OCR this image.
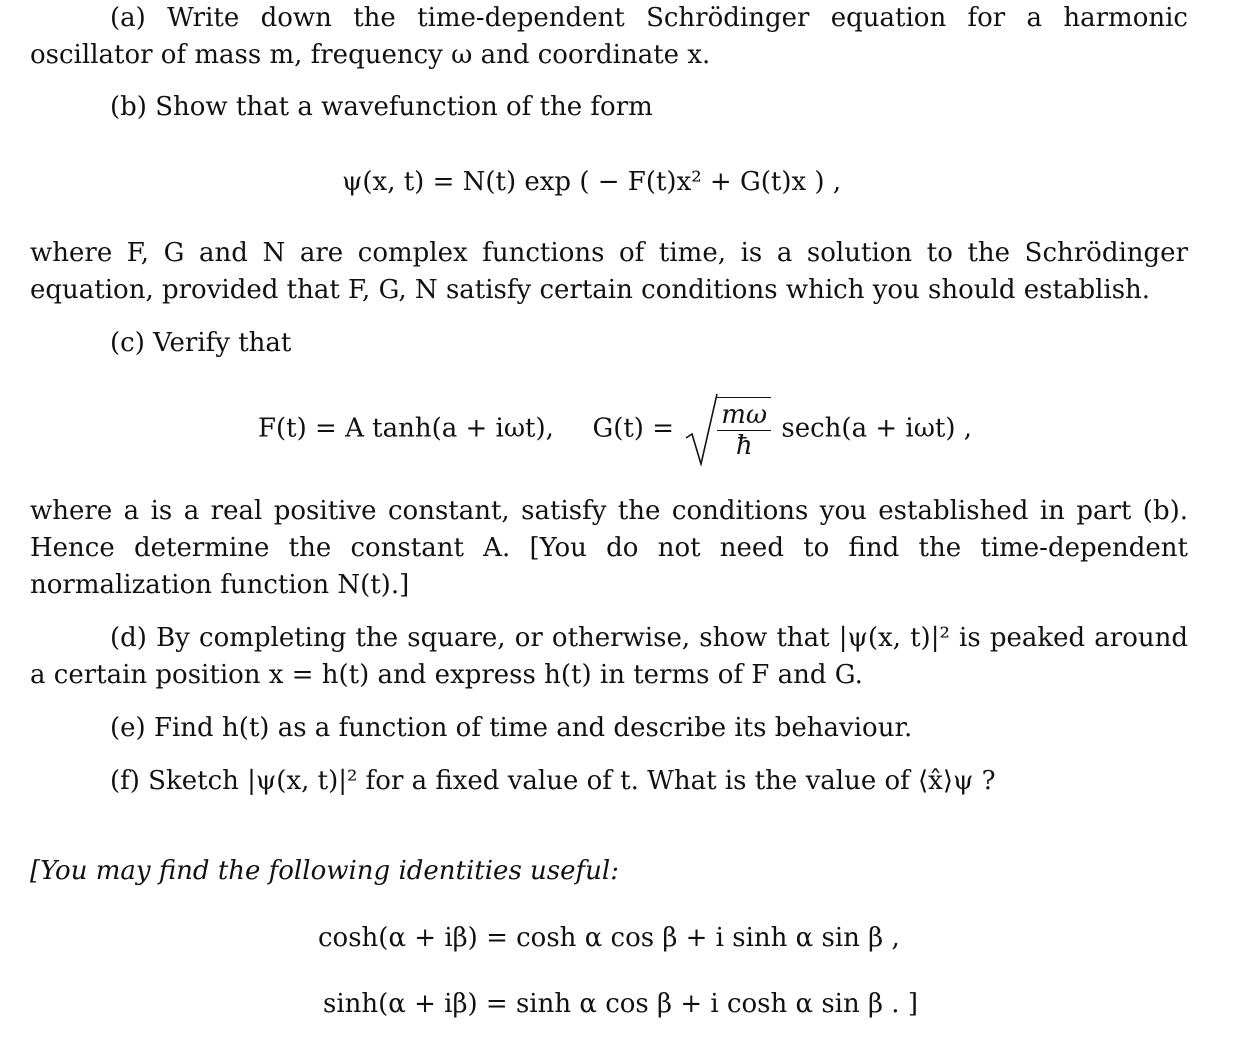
(a) Write down the time-dependent Schrödinger equation for a harmonic oscillator of mass m, frequency ω and coordinate x.
(b) Show that a wavefunction of the form
ψ(x, t) = N(t) exp ( − F(t)x² + G(t)x ) ,
where F, G and N are complex functions of time, is a solution to the Schrödinger equation, provided that F, G, N satisfy certain conditions which you should establish.
(c) Verify that
F(t) = A tanh(a + iωt), $G(t) = \frac{m\omega}{ħ} \sec h(a + i\omega t)$ ,
where a is a real positive constant, satisfy the conditions you established in part (b). Hence determine the constant A. [You do not need to find the time-dependent normalization function N(t).]
(d) By completing the square, or otherwise, show that |ψ(x, t)|² is peaked around a certain position x = h(t) and express h(t) in terms of F and G.
(e) Find h(t) as a function of time and describe its behaviour.
(f) Sketch |ψ(x, t)|² for a fixed value of t. What is the value of ⟨x̂⟩ψ ?
[You may find the following identities useful:
cosh(α + iβ) = cosh α cos β + i sinh α sin β ,
sinh(α + iβ) = sinh α cos β + i cosh α sin β . ]
